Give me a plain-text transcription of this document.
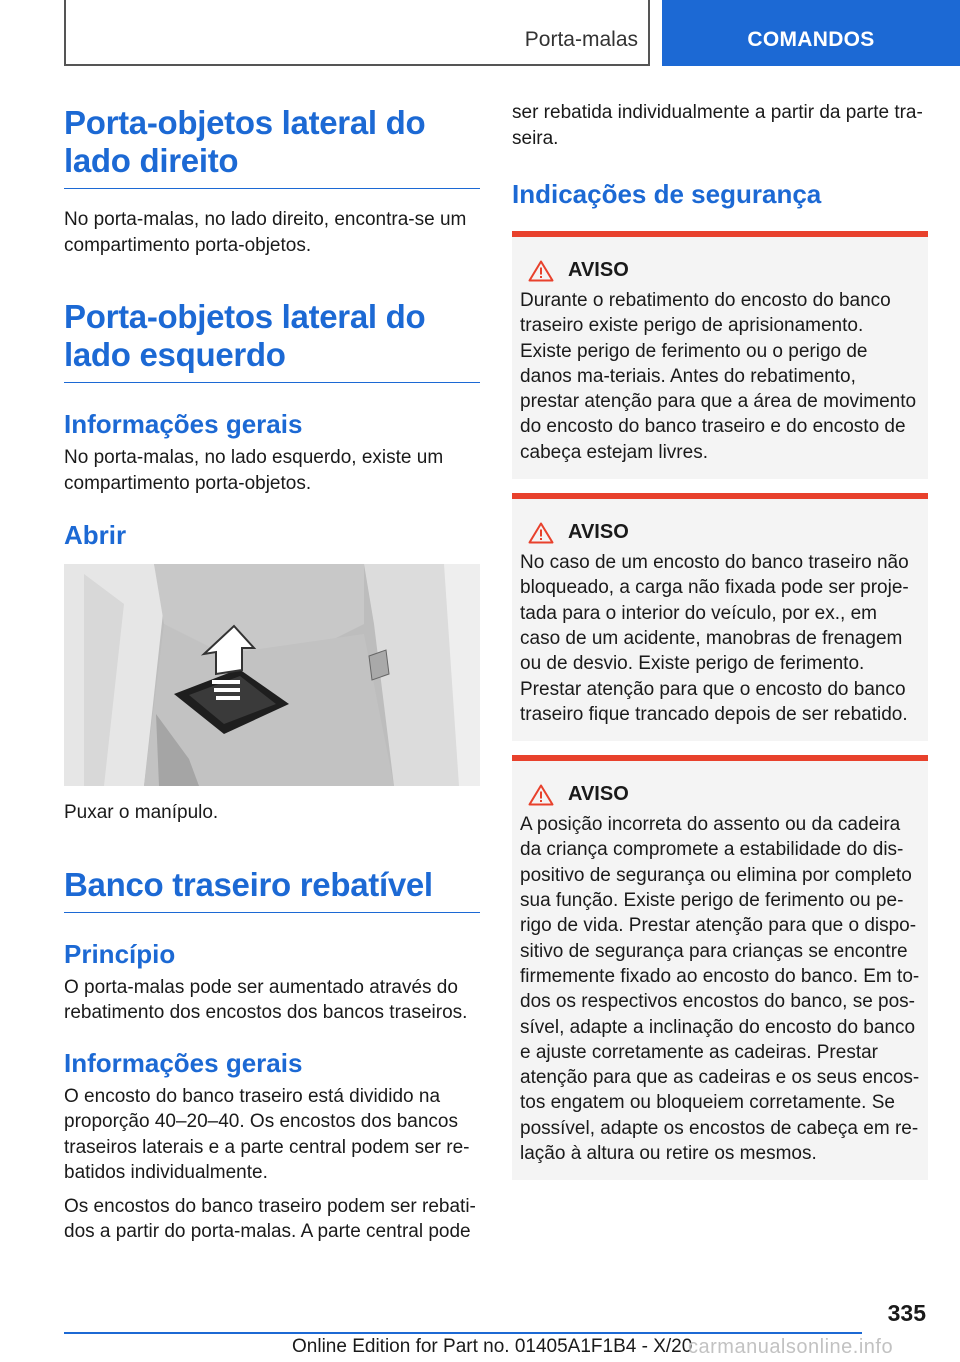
Porta-malas	COMANDOS
Porta-objetos lateral do lado direito

No porta-malas, no lado direito, encontra-se um compartimento porta-objetos.

Porta-objetos lateral do lado esquerdo
Informações gerais

No porta-malas, no lado esquerdo, existe um compartimento porta-objetos.

Abrir

Puxar o manípulo.

Banco traseiro rebatível
Princípio

O porta-malas pode ser aumentado através do rebatimento dos encostos dos bancos traseiros.

Informações gerais

O encosto do banco traseiro está dividido na proporção 40–20–40. Os encostos dos bancos traseiros laterais e a parte central podem ser re-batidos individualmente.

Os encostos do banco traseiro podem ser rebati-dos a partir do porta-malas. A parte central pode

ser rebatida individualmente a partir da parte tra-seira.

Indicações de segurança
AVISO

Durante o rebatimento do encosto do banco traseiro existe perigo de aprisionamento. Existe perigo de ferimento ou o perigo de danos ma-teriais. Antes do rebatimento, prestar atenção para que a área de movimento do encosto do banco traseiro e do encosto de cabeça estejam livres.

AVISO

No caso de um encosto do banco traseiro não bloqueado, a carga não fixada pode ser proje-tada para o interior do veículo, por ex., em caso de um acidente, manobras de frenagem ou de desvio. Existe perigo de ferimento. Prestar atenção para que o encosto do banco traseiro fique trancado depois de ser rebatido.

AVISO

A posição incorreta do assento ou da cadeira da criança compromete a estabilidade do dis-positivo de segurança ou elimina por completo sua função. Existe perigo de ferimento ou pe-rigo de vida. Prestar atenção para que o dispo-sitivo de segurança para crianças se encontre firmemente fixado ao encosto do banco. Em to-dos os respectivos encostos do banco, se pos-sível, adapte a inclinação do encosto do banco e ajuste corretamente as cadeiras. Prestar atenção para que as cadeiras e os seus encos-tos engatem ou bloqueiem corretamente. Se possível, adapte os encostos de cabeça em re-lação à altura ou retire os mesmos.

335
Online Edition for Part no. 01405A1F1B4 - X/20
carmanualsonline.info
